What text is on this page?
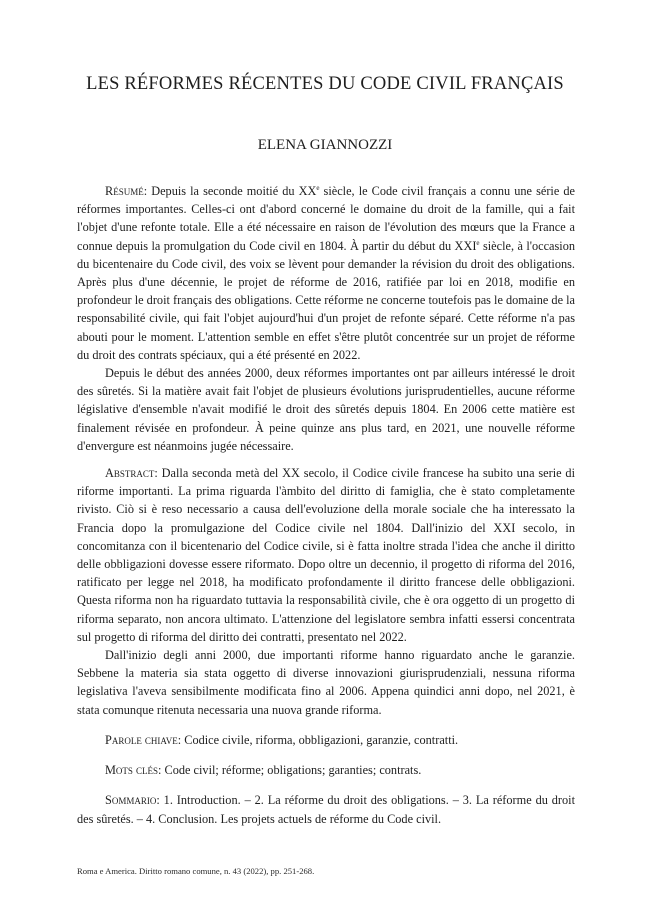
LES RÉFORMES RÉCENTES DU CODE CIVIL FRANÇAIS
ELENA GIANNOZZI

Résumé: Depuis la seconde moitié du XXe siècle, le Code civil français a connu une série de réformes importantes. Celles-ci ont d'abord concerné le domaine du droit de la famille, qui a fait l'objet d'une refonte totale. Elle a été nécessaire en raison de l'évolution des mœurs que la France a connue depuis la promulgation du Code civil en 1804. À partir du début du XXIe siècle, à l'occasion du bicentenaire du Code civil, des voix se lèvent pour demander la révision du droit des obligations. Après plus d'une décennie, le projet de réforme de 2016, ratifiée par loi en 2018, modifie en profondeur le droit français des obligations. Cette réforme ne concerne toutefois pas le domaine de la responsabilité civile, qui fait l'objet aujourd'hui d'un projet de refonte séparé. Cette réforme n'a pas abouti pour le moment. L'attention semble en effet s'être plutôt concentrée sur un projet de réforme du droit des contrats spéciaux, qui a été présenté en 2022.

Depuis le début des années 2000, deux réformes importantes ont par ailleurs intéressé le droit des sûretés. Si la matière avait fait l'objet de plusieurs évolutions jurisprudentielles, aucune réforme législative d'ensemble n'avait modifié le droit des sûretés depuis 1804. En 2006 cette matière est finalement révisée en profondeur. À peine quinze ans plus tard, en 2021, une nouvelle réforme d'envergure est néanmoins jugée nécessaire.

Abstract: Dalla seconda metà del XX secolo, il Codice civile francese ha subito una serie di riforme importanti. La prima riguarda l'àmbito del diritto di famiglia, che è stato completamente rivisto. Ciò si è reso necessario a causa dell'evoluzione della morale sociale che ha interessato la Francia dopo la promulgazione del Codice civile nel 1804. Dall'inizio del XXI secolo, in concomitanza con il bicentenario del Codice civile, si è fatta inoltre strada l'idea che anche il diritto delle obbligazioni dovesse essere riformato. Dopo oltre un decennio, il progetto di riforma del 2016, ratificato per legge nel 2018, ha modificato profondamente il diritto francese delle obbligazioni. Questa riforma non ha riguardato tuttavia la responsabilità civile, che è ora oggetto di un progetto di riforma separato, non ancora ultimato. L'attenzione del legislatore sembra infatti essersi concentrata sul progetto di riforma del diritto dei contratti, presentato nel 2022.

Dall'inizio degli anni 2000, due importanti riforme hanno riguardato anche le garanzie. Sebbene la materia sia stata oggetto di diverse innovazioni giurisprudenziali, nessuna riforma legislativa l'aveva sensibilmente modificata fino al 2006. Appena quindici anni dopo, nel 2021, è stata comunque ritenuta necessaria una nuova grande riforma.

Parole chiave: Codice civile, riforma, obbligazioni, garanzie, contratti.

Mots clés: Code civil; réforme; obligations; garanties; contrats.

Sommario: 1. Introduction. – 2. La réforme du droit des obligations. – 3. La réforme du droit des sûretés. – 4. Conclusion. Les projets actuels de réforme du Code civil.

Roma e America. Diritto romano comune, n. 43 (2022), pp. 251-268.
